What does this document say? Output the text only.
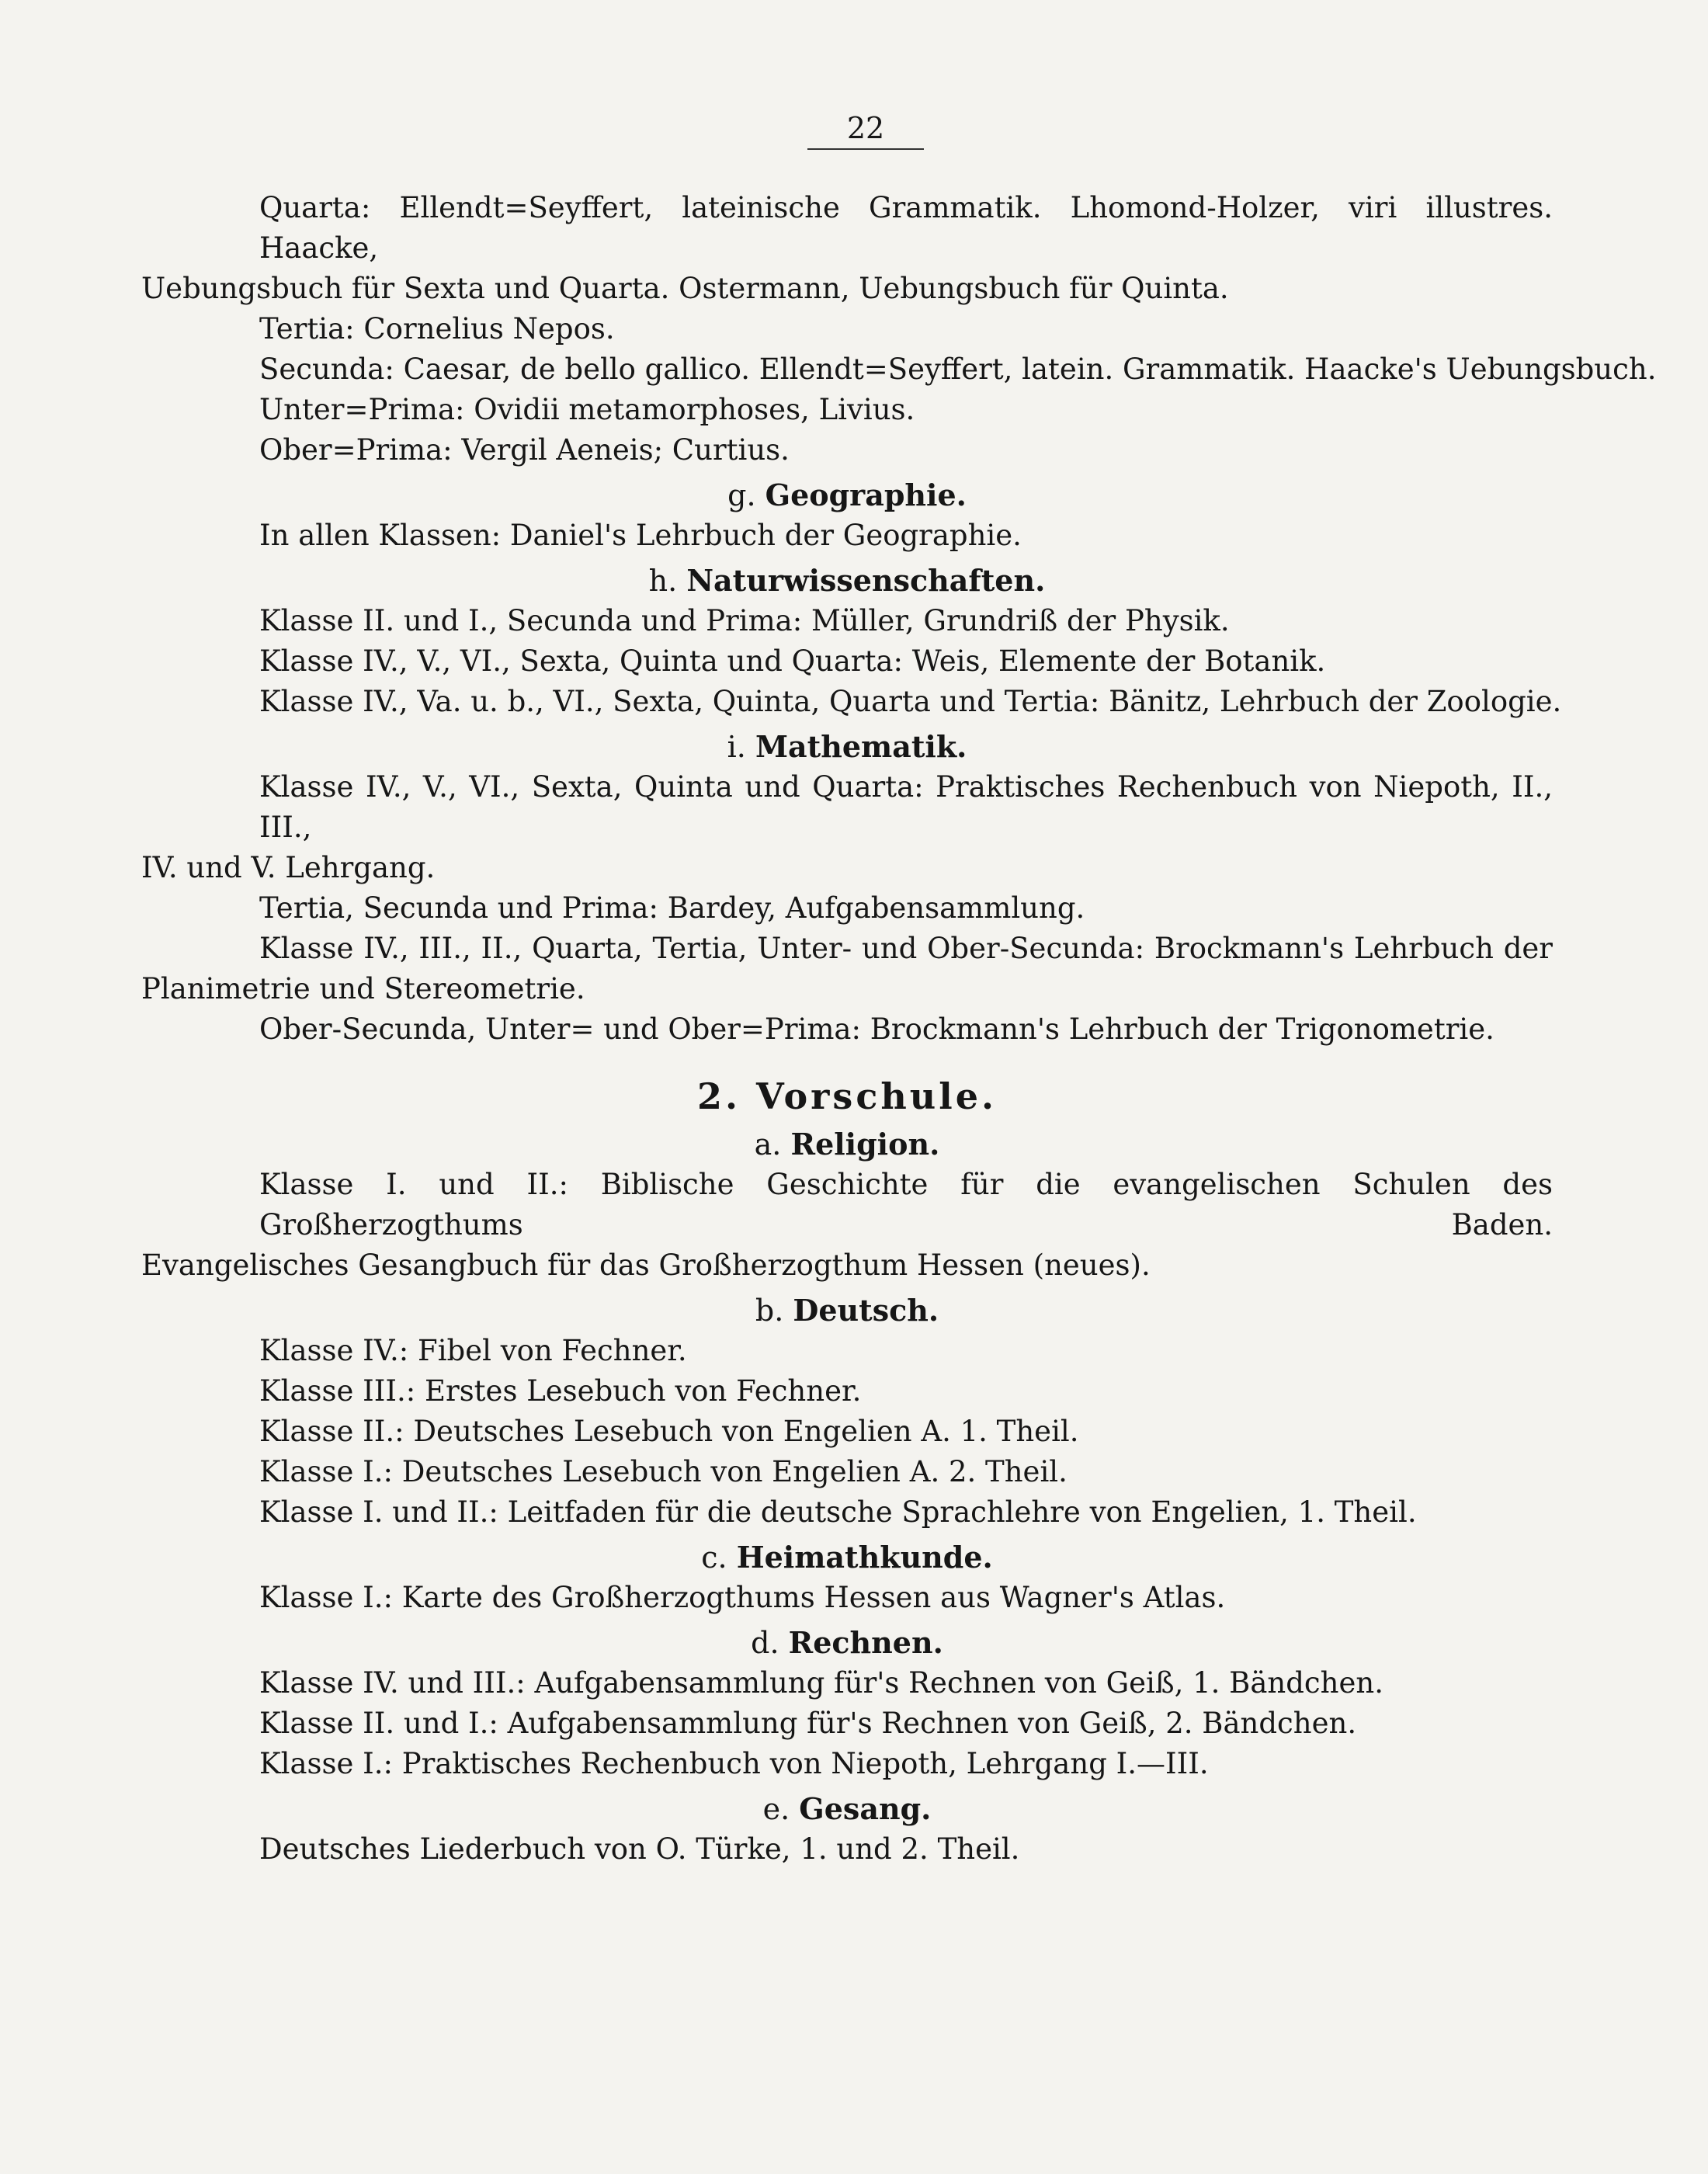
22
Quarta: Ellendt=Seyffert, lateinische Grammatik. Lhomond-Holzer, viri illustres. Haacke,
Uebungsbuch für Sexta und Quarta. Ostermann, Uebungsbuch für Quinta.
Tertia: Cornelius Nepos.
Secunda: Caesar, de bello gallico. Ellendt=Seyffert, latein. Grammatik. Haacke's Uebungsbuch.
Unter=Prima: Ovidii metamorphoses, Livius.
Ober=Prima: Vergil Aeneis; Curtius.
g. Geographie.
In allen Klassen: Daniel's Lehrbuch der Geographie.
h. Naturwissenschaften.
Klasse II. und I., Secunda und Prima: Müller, Grundriß der Physik.
Klasse IV., V., VI., Sexta, Quinta und Quarta: Weis, Elemente der Botanik.
Klasse IV., Va. u. b., VI., Sexta, Quinta, Quarta und Tertia: Bänitz, Lehrbuch der Zoologie.
i. Mathematik.
Klasse IV., V., VI., Sexta, Quinta und Quarta: Praktisches Rechenbuch von Niepoth, II., III.,
IV. und V. Lehrgang.
Tertia, Secunda und Prima: Bardey, Aufgabensammlung.
Klasse IV., III., II., Quarta, Tertia, Unter- und Ober-Secunda: Brockmann's Lehrbuch der
Planimetrie und Stereometrie.
Ober-Secunda, Unter= und Ober=Prima: Brockmann's Lehrbuch der Trigonometrie.
2. Vorschule.
a. Religion.
Klasse I. und II.: Biblische Geschichte für die evangelischen Schulen des Großherzogthums Baden.
Evangelisches Gesangbuch für das Großherzogthum Hessen (neues).
b. Deutsch.
Klasse IV.: Fibel von Fechner.
Klasse III.: Erstes Lesebuch von Fechner.
Klasse II.: Deutsches Lesebuch von Engelien A. 1. Theil.
Klasse I.: Deutsches Lesebuch von Engelien A. 2. Theil.
Klasse I. und II.: Leitfaden für die deutsche Sprachlehre von Engelien, 1. Theil.
c. Heimathkunde.
Klasse I.: Karte des Großherzogthums Hessen aus Wagner's Atlas.
d. Rechnen.
Klasse IV. und III.: Aufgabensammlung für's Rechnen von Geiß, 1. Bändchen.
Klasse II. und I.: Aufgabensammlung für's Rechnen von Geiß, 2. Bändchen.
Klasse I.: Praktisches Rechenbuch von Niepoth, Lehrgang I.—III.
e. Gesang.
Deutsches Liederbuch von O. Türke, 1. und 2. Theil.
